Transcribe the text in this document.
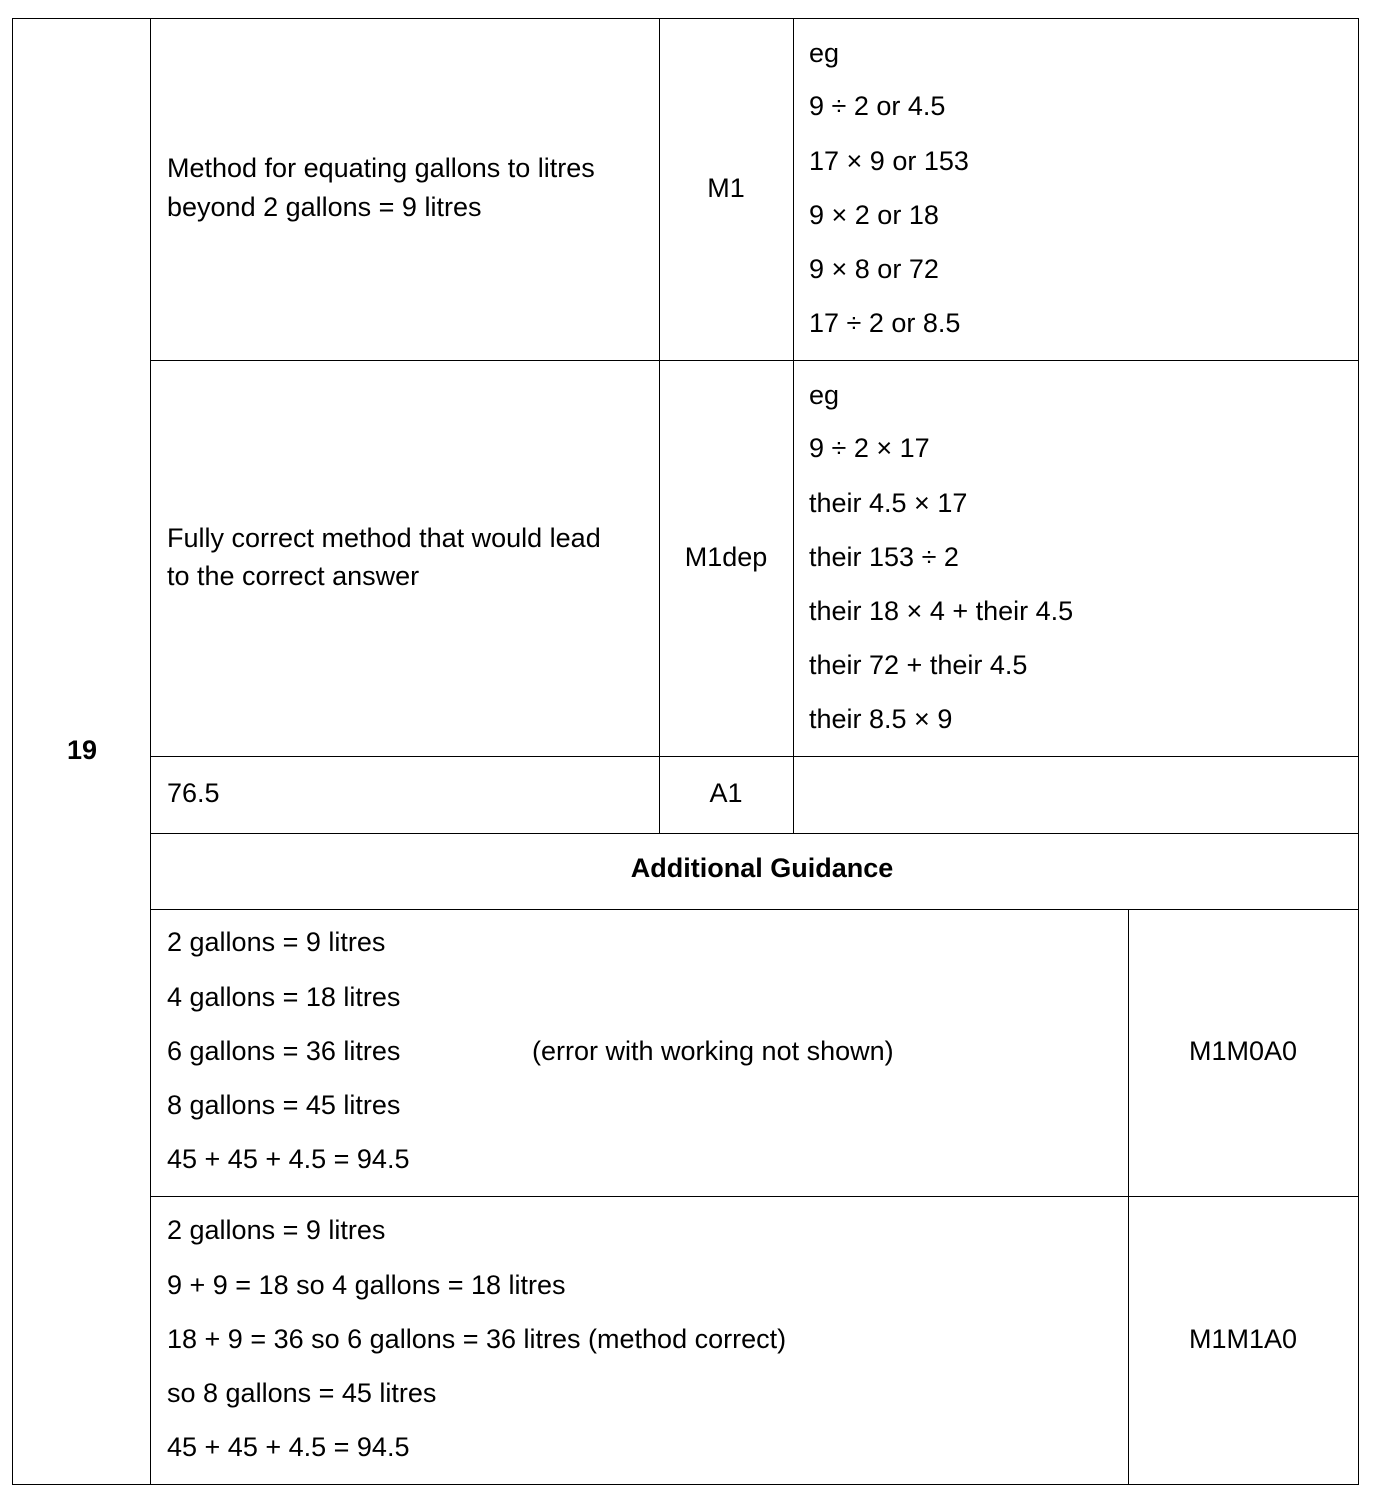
19
Method for equating gallons to litres
beyond 2 gallons = 9 litres
M1
eg
9 ÷ 2 or 4.5
17 × 9 or 153
9 × 2 or 18
9 × 8 or 72
17 ÷ 2 or 8.5
Fully correct method that would lead
to the correct answer
M1dep
eg
9 ÷ 2 × 17
their 4.5 × 17
their 153 ÷ 2
their 18 × 4 + their 4.5
their 72 + their 4.5
their 8.5 × 9
76.5	A1
Additional Guidance
2 gallons = 9 litres
4 gallons = 18 litres
6 gallons = 36 litres	(error with working not shown)
8 gallons = 45 litres
45 + 45 + 4.5 = 94.5
M1M0A0
2 gallons = 9 litres
9 + 9 = 18 so 4 gallons = 18 litres
18 + 9 = 36 so 6 gallons = 36 litres (method correct)
so 8 gallons = 45 litres
45 + 45 + 4.5 = 94.5
M1M1A0
